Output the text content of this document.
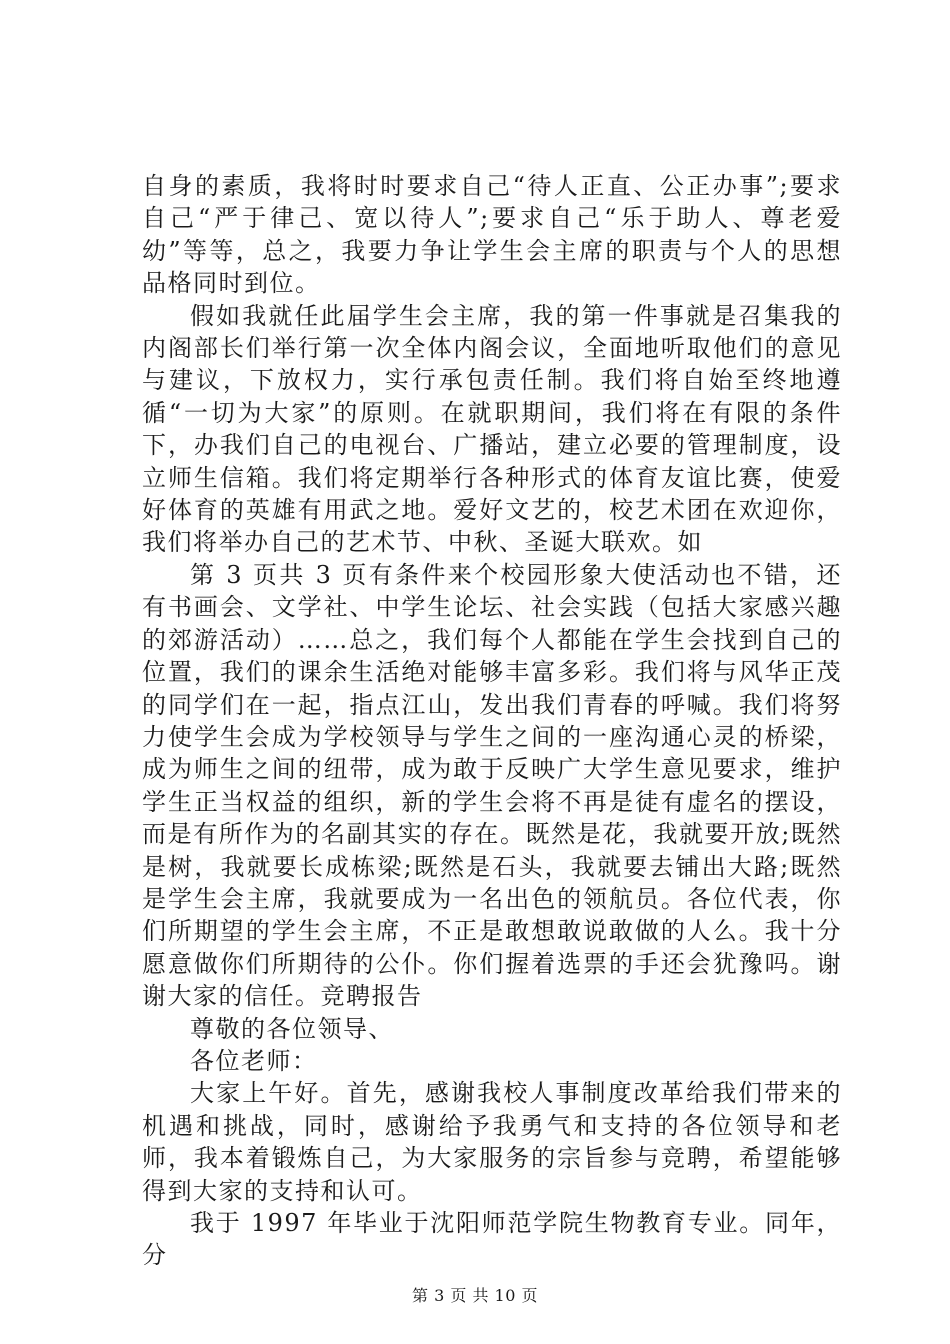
自身的素质，我将时时要求自己“待人正直、公正办事”;要求自己“严于律己、宽以待人”;要求自己“乐于助人、尊老爱幼”等等，总之，我要力争让学生会主席的职责与个人的思想品格同时到位。

假如我就任此届学生会主席，我的第一件事就是召集我的内阁部长们举行第一次全体内阁会议，全面地听取他们的意见与建议，下放权力，实行承包责任制。我们将自始至终地遵循“一切为大家”的原则。在就职期间，我们将在有限的条件下，办我们自己的电视台、广播站，建立必要的管理制度，设立师生信箱。我们将定期举行各种形式的体育友谊比赛，使爱好体育的英雄有用武之地。爱好文艺的，校艺术团在欢迎你，我们将举办自己的艺术节、中秋、圣诞大联欢。如

第 3 页共 3 页有条件来个校园形象大使活动也不错，还有书画会、文学社、中学生论坛、社会实践（包括大家感兴趣的郊游活动）……总之，我们每个人都能在学生会找到自己的位置，我们的课余生活绝对能够丰富多彩。我们将与风华正茂的同学们在一起，指点江山，发出我们青春的呼喊。我们将努力使学生会成为学校领导与学生之间的一座沟通心灵的桥梁，成为师生之间的纽带，成为敢于反映广大学生意见要求，维护学生正当权益的组织，新的学生会将不再是徒有虚名的摆设，而是有所作为的名副其实的存在。既然是花，我就要开放;既然是树，我就要长成栋梁;既然是石头，我就要去铺出大路;既然是学生会主席，我就要成为一名出色的领航员。各位代表，你们所期望的学生会主席，不正是敢想敢说敢做的人么。我十分愿意做你们所期待的公仆。你们握着选票的手还会犹豫吗。谢谢大家的信任。竞聘报告

尊敬的各位领导、

各位老师：

大家上午好。首先，感谢我校人事制度改革给我们带来的机遇和挑战，同时，感谢给予我勇气和支持的各位领导和老师，我本着锻炼自己，为大家服务的宗旨参与竞聘，希望能够得到大家的支持和认可。

我于 1997 年毕业于沈阳师范学院生物教育专业。同年，分

第 3 页 共 10 页
